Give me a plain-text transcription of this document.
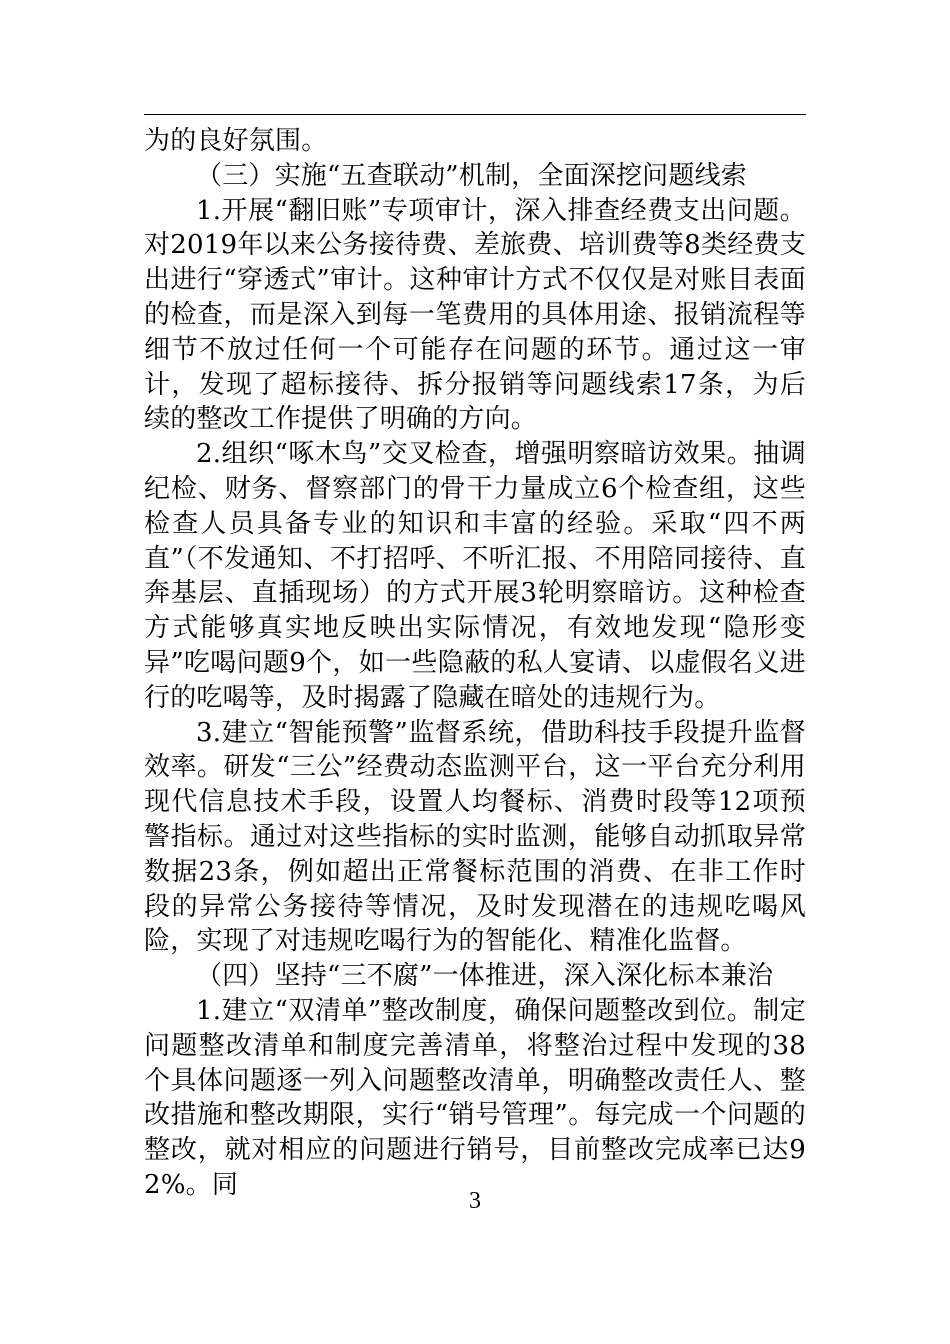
为的良好氛围。

（三）实施“五查联动”机制，全面深挖问题线索

1.开展“翻旧账”专项审计，深入排查经费支出问题。对2019年以来公务接待费、差旅费、培训费等8类经费支出进行“穿透式”审计。这种审计方式不仅仅是对账目表面的检查，而是深入到每一笔费用的具体用途、报销流程等细节不放过任何一个可能存在问题的环节。通过这一审计，发现了超标接待、拆分报销等问题线索17条，为后续的整改工作提供了明确的方向。

2.组织“啄木鸟”交叉检查，增强明察暗访效果。抽调纪检、财务、督察部门的骨干力量成立6个检查组，这些检查人员具备专业的知识和丰富的经验。采取“四不两直”（不发通知、不打招呼、不听汇报、不用陪同接待、直奔基层、直插现场）的方式开展3轮明察暗访。这种检查方式能够真实地反映出实际情况，有效地发现“隐形变异”吃喝问题9个，如一些隐蔽的私人宴请、以虚假名义进行的吃喝等，及时揭露了隐藏在暗处的违规行为。

3.建立“智能预警”监督系统，借助科技手段提升监督效率。研发“三公”经费动态监测平台，这一平台充分利用现代信息技术手段，设置人均餐标、消费时段等12项预警指标。通过对这些指标的实时监测，能够自动抓取异常数据23条，例如超出正常餐标范围的消费、在非工作时段的异常公务接待等情况，及时发现潜在的违规吃喝风险，实现了对违规吃喝行为的智能化、精准化监督。

（四）坚持“三不腐”一体推进，深入深化标本兼治

1.建立“双清单”整改制度，确保问题整改到位。制定问题整改清单和制度完善清单，将整治过程中发现的38个具体问题逐一列入问题整改清单，明确整改责任人、整改措施和整改期限，实行“销号管理”。每完成一个问题的整改，就对相应的问题进行销号，目前整改完成率已达92%。同

3
